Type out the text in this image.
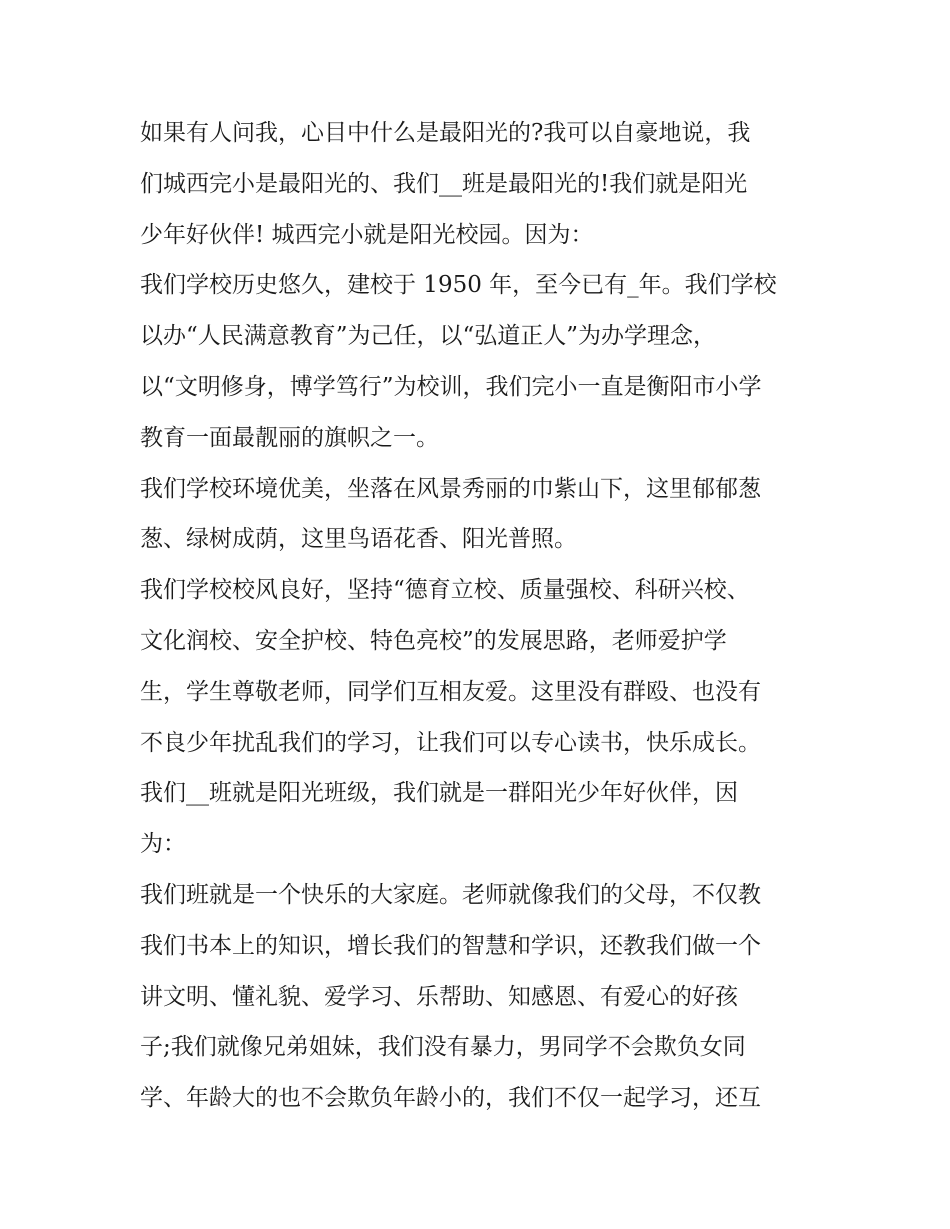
如果有人问我，心目中什么是最阳光的?我可以自豪地说，我
们城西完小是最阳光的、我们__班是最阳光的!我们就是阳光
少年好伙伴! 城西完小就是阳光校园。因为：
我们学校历史悠久，建校于 1950 年，至今已有_年。我们学校
以办“人民满意教育”为己任，以“弘道正人”为办学理念，
以“文明修身，博学笃行”为校训，我们完小一直是衡阳市小学
教育一面最靓丽的旗帜之一。
我们学校环境优美，坐落在风景秀丽的巾紫山下，这里郁郁葱
葱、绿树成荫，这里鸟语花香、阳光普照。
我们学校校风良好，坚持“德育立校、质量强校、科研兴校、
文化润校、安全护校、特色亮校”的发展思路，老师爱护学
生，学生尊敬老师，同学们互相友爱。这里没有群殴、也没有
不良少年扰乱我们的学习，让我们可以专心读书，快乐成长。
我们__班就是阳光班级，我们就是一群阳光少年好伙伴，因
为：
我们班就是一个快乐的大家庭。老师就像我们的父母，不仅教
我们书本上的知识，增长我们的智慧和学识，还教我们做一个
讲文明、懂礼貌、爱学习、乐帮助、知感恩、有爱心的好孩
子;我们就像兄弟姐妹，我们没有暴力，男同学不会欺负女同
学、年龄大的也不会欺负年龄小的，我们不仅一起学习，还互
